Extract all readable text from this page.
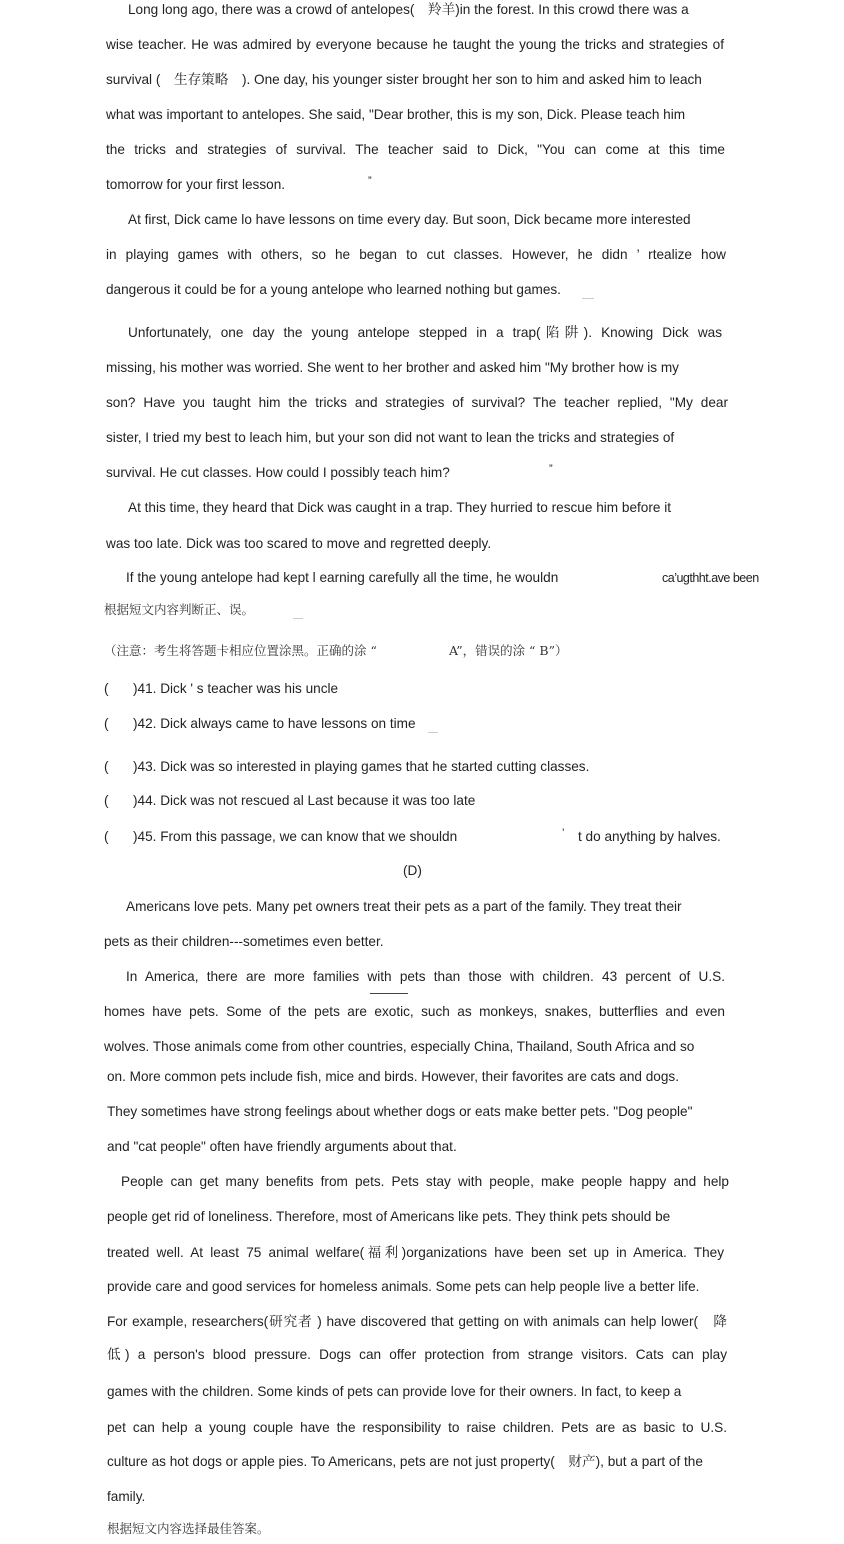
Long long ago, there was a crowd of antelopes(　羚羊)in the forest. In this crowd there was a
wise teacher. He was admired by everyone because he taught the young the tricks and strategies of
survival (　生存策略　). One day, his younger sister brought her son to him and asked him to leach
what was important to antelopes. She said, "Dear brother, this is my son, Dick. Please teach him
the tricks and strategies of survival. The teacher said to Dick, "You can come at this time
tomorrow for your first lesson.	”
At first, Dick came lo have lessons on time every day. But soon, Dick became more interested
in playing games with others, so he began to cut classes. However, he didn ’ rtealize how
dangerous it could be for a young antelope who learned nothing but games.
Unfortunately, one day the young antelope stepped in a trap(陷阱). Knowing Dick was
missing, his mother was worried. She went to her brother and asked him "My brother how is my
son? Have you taught him the tricks and strategies of survival? The teacher replied, "My dear
sister, I tried my best to leach him, but your son did not want to lean the tricks and strategies of
survival. He cut classes. How could I possibly teach him?	”
At this time, they heard that Dick was caught in a trap. They hurried to rescue him before it
was too late. Dick was too scared to move and regretted deeply.
If the young antelope had kept l earning carefully all the time, he wouldn	ca’ugthht.ave been
根据短文内容判断正、误。
（注意：考生将答题卡相应位置涂黑。正确的涂 “	A”，错误的涂 “ B”）
( )41. Dick ' s teacher was his uncle
( )42. Dick always came to have lessons on time
( )43. Dick was so interested in playing games that he started cutting classes.
( )44. Dick was not rescued al Last because it was too late
( )45. From this passage, we can know that we shouldn	’ t do anything by halves.
(D)
Americans love pets. Many pet owners treat their pets as a part of the family. They treat their
pets as their children---sometimes even better.
In America, there are more families with pets than those with children. 43 percent of U.S.
homes have pets. Some of the pets are exotic, such as monkeys, snakes, butterflies and even
wolves. Those animals come from other countries, especially China, Thailand, South Africa and so
on. More common pets include fish, mice and birds. However, their favorites are cats and dogs.
They sometimes have strong feelings about whether dogs or eats make better pets. "Dog people"
and "cat people" often have friendly arguments about that.
People can get many benefits from pets. Pets stay with people, make people happy and help
people get rid of loneliness. Therefore, most of Americans like pets. They think pets should be
treated well. At least 75 animal welfare(福利)organizations have been set up in America. They
provide care and good services for homeless animals. Some pets can help people live a better life.
For example, researchers(研究者 ) have discovered that getting on with animals can help lower(　降
低) a person's blood pressure. Dogs can offer protection from strange visitors. Cats can play
games with the children. Some kinds of pets can provide love for their owners. In fact, to keep a
pet can help a young couple have the responsibility to raise children. Pets are as basic to U.S.
culture as hot dogs or apple pies. To Americans, pets are not just property(　财产), but a part of the
family.
根据短文内容选择最佳答案。
